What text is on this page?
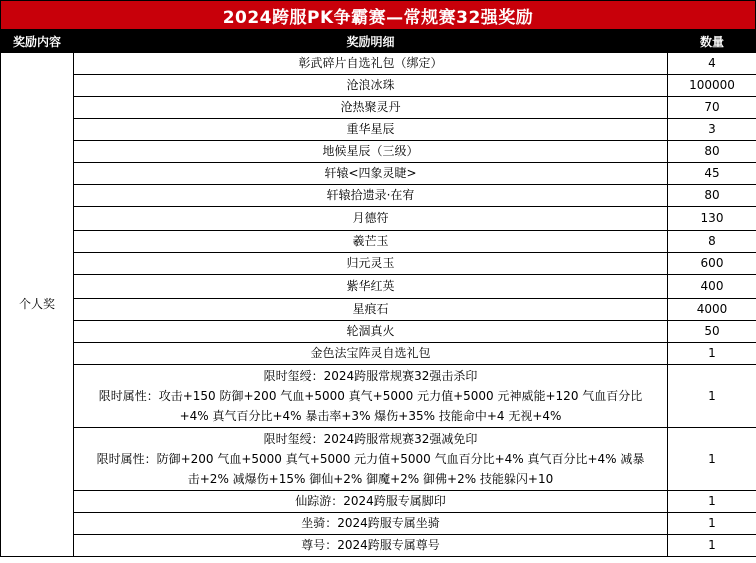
2024跨服PK争霸赛—常规赛32强奖励
奖励内容	奖励明细	数量
个人奖	彰武碎片自选礼包（绑定）	4

	沧浪冰珠	100000

	沧热聚灵丹	70

	重华星辰	3

	地候星辰（三级）	80

	轩辕<四象灵睫>	45

	轩辕拾遗录·在宥	80

	月德符	130

	羲芒玉	8

	归元灵玉	600

	紫华红英	400

	星痕石	4000

	轮涸真火	50

	金色法宝阵灵自选礼包	1

	限时玺绶：2024跨服常规赛32强击杀印
限时属性：攻击+150 防御+200 气血+5000 真气+5000 元力值+5000 元神威能+120 气血百分比
+4% 真气百分比+4% 暴击率+3% 爆伤+35% 技能命中+4 无视+4%	1

	限时玺绶：2024跨服常规赛32强减免印
限时属性：防御+200 气血+5000 真气+5000 元力值+5000 气血百分比+4% 真气百分比+4% 减暴
击+2% 减爆伤+15% 御仙+2% 御魔+2% 御佛+2% 技能躲闪+10	1

	仙踪游：2024跨服专属脚印	1

	坐骑：2024跨服专属坐骑	1

	尊号：2024跨服专属尊号	1
